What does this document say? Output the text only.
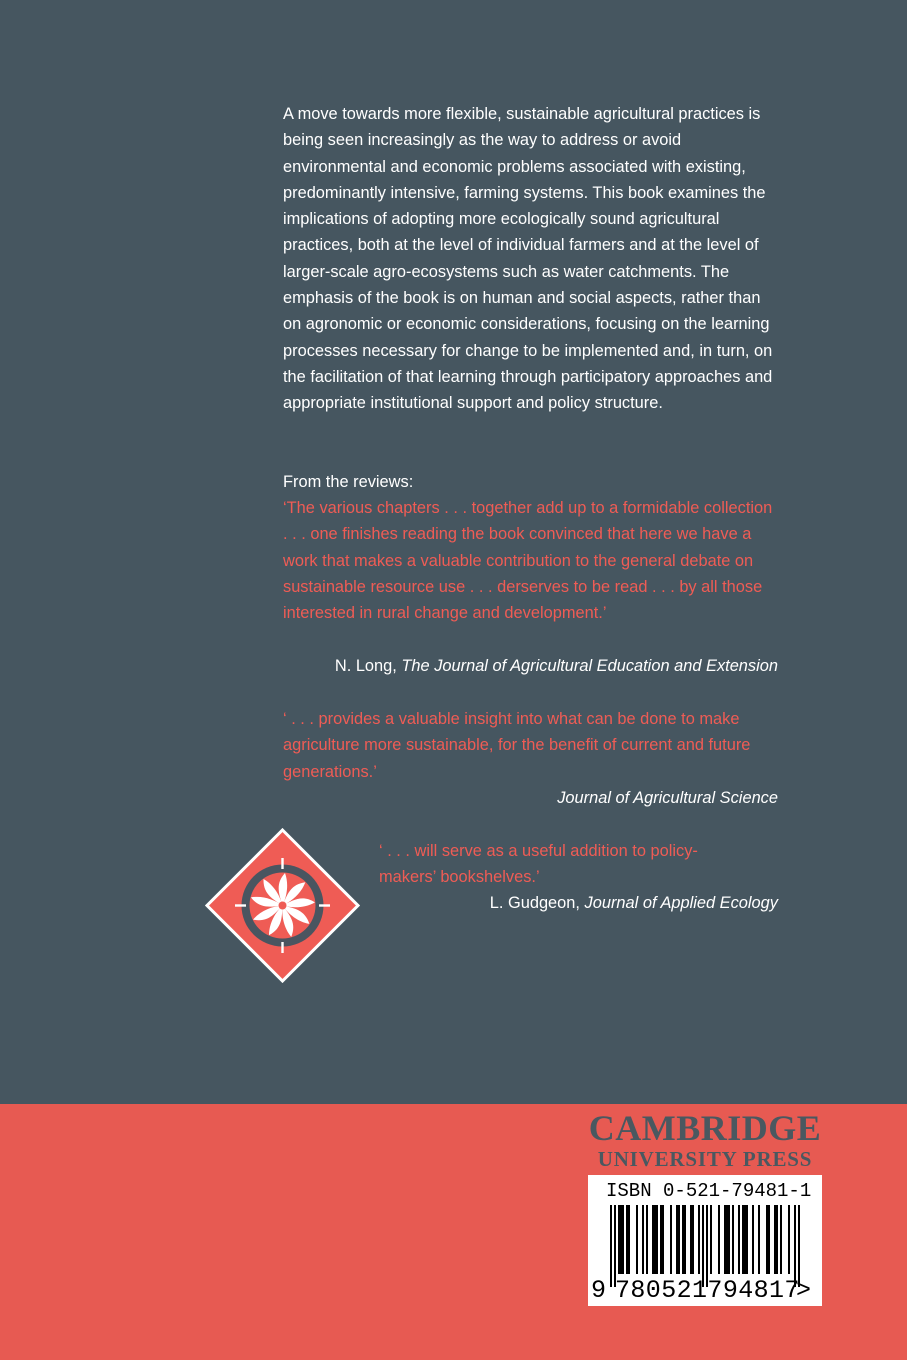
A move towards more flexible, sustainable agricultural practices is being seen increasingly as the way to address or avoid environmental and economic problems associated with existing, predominantly intensive, farming systems. This book examines the implications of adopting more ecologically sound agricultural practices, both at the level of individual farmers and at the level of larger-scale agro-ecosystems such as water catchments. The emphasis of the book is on human and social aspects, rather than on agronomic or economic considerations, focusing on the learning processes necessary for change to be implemented and, in turn, on the facilitation of that learning through participatory approaches and appropriate institutional support and policy structure.

From the reviews:

‘The various chapters . . . together add up to a formidable collection . . . one finishes reading the book convinced that here we have a work that makes a valuable contribution to the general debate on sustainable resource use . . . derserves to be read . . . by all those interested in rural change and development.’

N. Long, The Journal of Agricultural Education and Extension

‘ . . . provides a valuable insight into what can be done to make agriculture more sustainable, for the benefit of current and future generations.’

Journal of Agricultural Science

‘ . . . will serve as a useful addition to policy-makers’ bookshelves.’

L. Gudgeon, Journal of Applied Ecology

CAMBRIDGE
UNIVERSITY PRESS
ISBN 0-521-79481-1
9 780521794817
>
